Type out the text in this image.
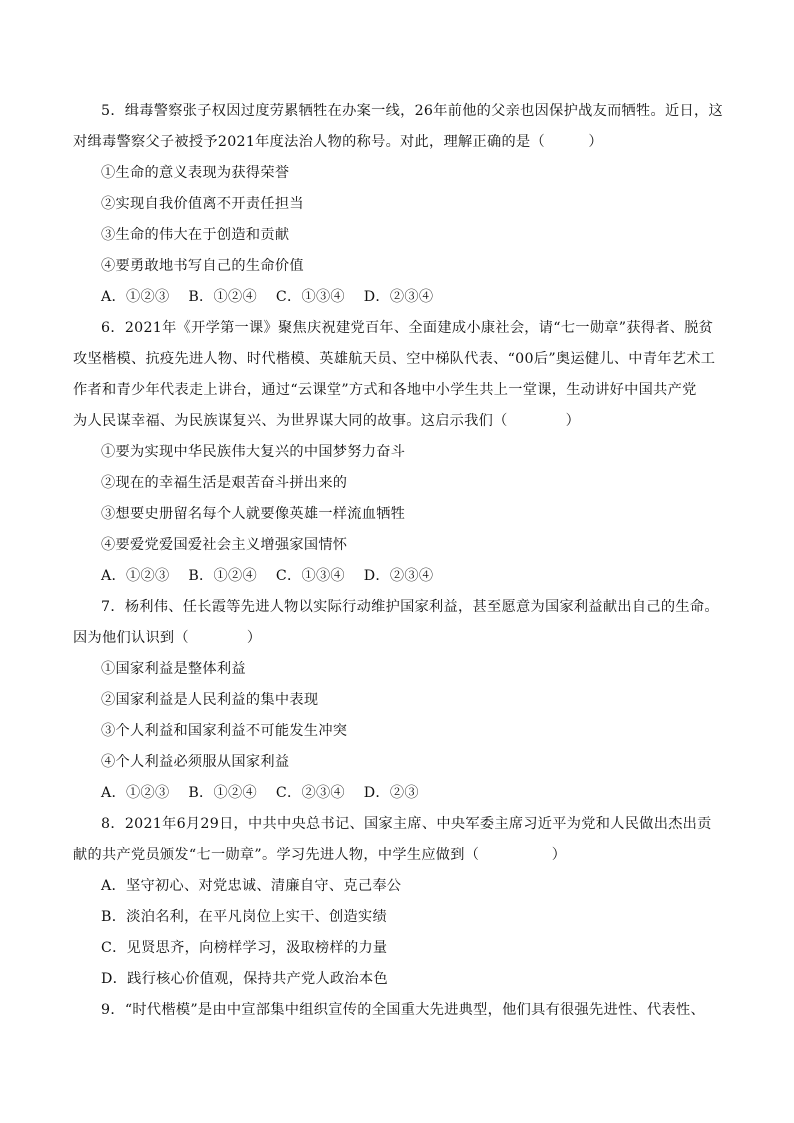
5．缉毒警察张子权因过度劳累牺牲在办案一线，26年前他的父亲也因保护战友而牺牲。近日，这
对缉毒警察父子被授予2021年度法治人物的称号。对此，理解正确的是（　　　）
①生命的意义表现为获得荣誉
②实现自我价值离不开责任担当
③生命的伟大在于创造和贡献
④要勇敢地书写自己的生命价值
A．①②③ B．①②④ C．①③④ D．②③④
6．2021年《开学第一课》聚焦庆祝建党百年、全面建成小康社会，请“七一勋章”获得者、脱贫
攻坚楷模、抗疫先进人物、时代楷模、英雄航天员、空中梯队代表、“00后”奥运健儿、中青年艺术工
作者和青少年代表走上讲台，通过“云课堂”方式和各地中小学生共上一堂课，生动讲好中国共产党
为人民谋幸福、为民族谋复兴、为世界谋大同的故事。这启示我们（　　　　）
①要为实现中华民族伟大复兴的中国梦努力奋斗
②现在的幸福生活是艰苦奋斗拼出来的
③想要史册留名每个人就要像英雄一样流血牺牲
④要爱党爱国爱社会主义增强家国情怀
A．①②③ B．①②④ C．①③④ D．②③④
7．杨利伟、任长霞等先进人物以实际行动维护国家利益，甚至愿意为国家利益献出自己的生命。
因为他们认识到（　　　　）
①国家利益是整体利益
②国家利益是人民利益的集中表现
③个人利益和国家利益不可能发生冲突
④个人利益必须服从国家利益
A．①②③ B．①②④ C．②③④ D．②③
8．2021年6月29日，中共中央总书记、国家主席、中央军委主席习近平为党和人民做出杰出贡
献的共产党员颁发“七一勋章”。学习先进人物，中学生应做到（　　　　　）
A．坚守初心、对党忠诚、清廉自守、克己奉公
B．淡泊名利，在平凡岗位上实干、创造实绩
C．见贤思齐，向榜样学习，汲取榜样的力量
D．践行核心价值观，保持共产党人政治本色
9．“时代楷模”是由中宣部集中组织宣传的全国重大先进典型，他们具有很强先进性、代表性、
